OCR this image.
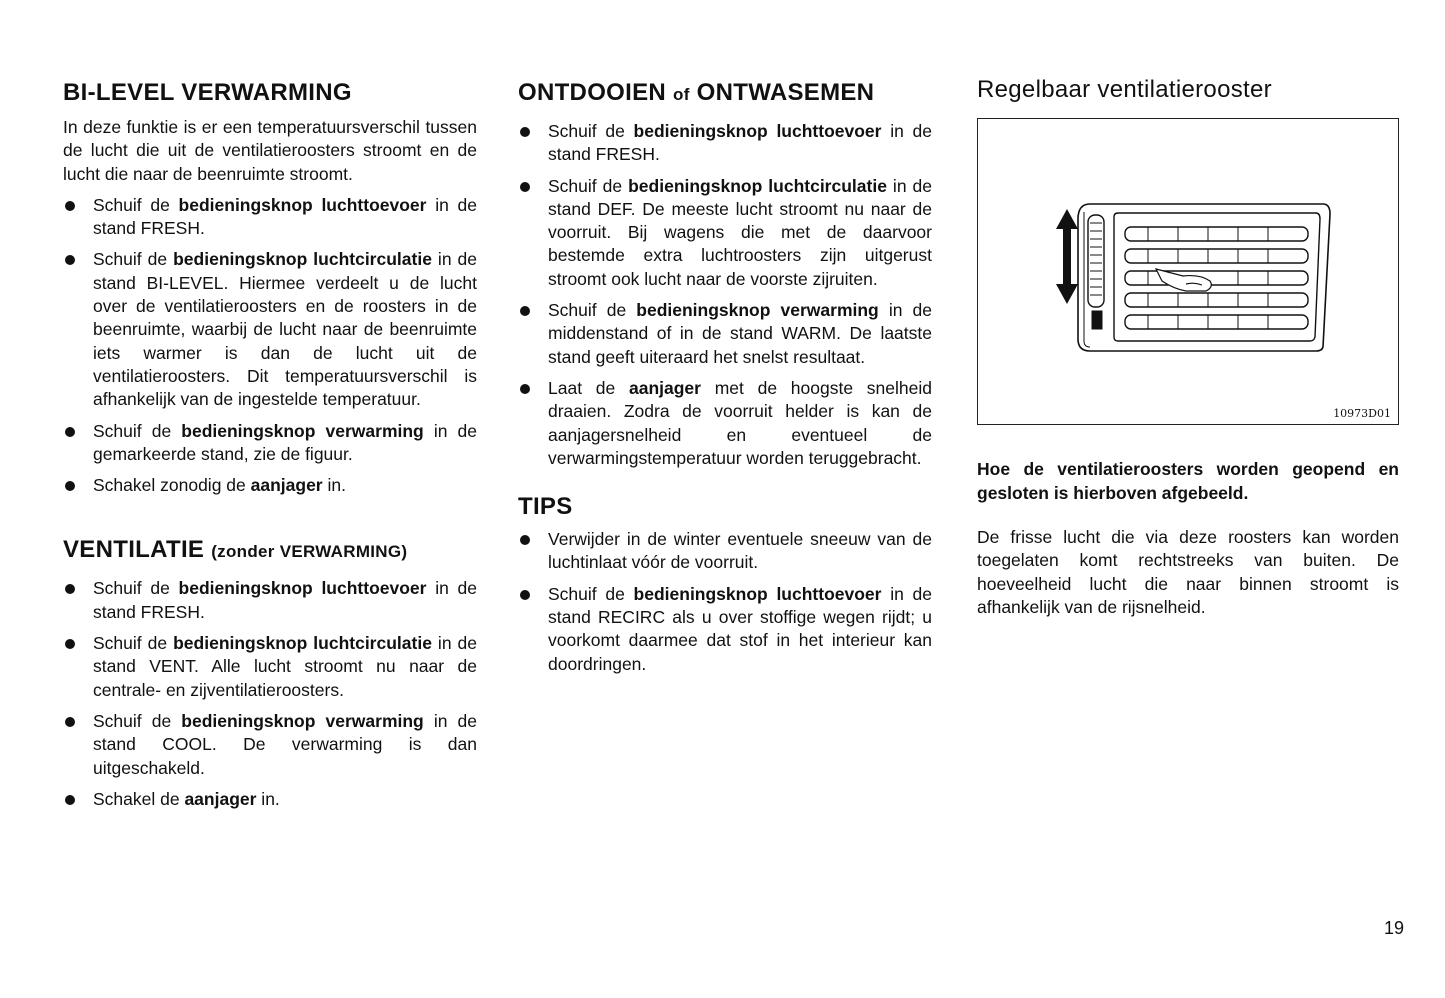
BI-LEVEL VERWARMING

In deze funktie is er een temperatuursverschil tussen de lucht die uit de ventilatieroosters stroomt en de lucht die naar de beenruimte stroomt.

Schuif de bedieningsknop luchttoevoer in de stand FRESH.
Schuif de bedieningsknop luchtcirculatie in de stand BI-LEVEL. Hiermee verdeelt u de lucht over de ventilatieroosters en de roosters in de beenruimte, waarbij de lucht naar de beenruimte iets warmer is dan de lucht uit de ventilatieroosters. Dit temperatuursverschil is afhankelijk van de ingestelde temperatuur.
Schuif de bedieningsknop verwarming in de gemarkeerde stand, zie de figuur.
Schakel zonodig de aanjager in.
VENTILATIE (zonder VERWARMING)
Schuif de bedieningsknop luchttoevoer in de stand FRESH.
Schuif de bedieningsknop luchtcirculatie in de stand VENT. Alle lucht stroomt nu naar de centrale- en zijventilatieroosters.
Schuif de bedieningsknop verwarming in de stand COOL. De verwarming is dan uitgeschakeld.
Schakel de aanjager in.
ONTDOOIEN of ONTWASEMEN
Schuif de bedieningsknop luchttoevoer in de stand FRESH.
Schuif de bedieningsknop luchtcirculatie in de stand DEF. De meeste lucht stroomt nu naar de voorruit. Bij wagens die met de daarvoor bestemde extra luchtroosters zijn uitgerust stroomt ook lucht naar de voorste zijruiten.
Schuif de bedieningsknop verwarming in de middenstand of in de stand WARM. De laatste stand geeft uiteraard het snelst resultaat.
Laat de aanjager met de hoogste snelheid draaien. Zodra de voorruit helder is kan de aanjagersnelheid en eventueel de verwarmingstemperatuur worden teruggebracht.
TIPS
Verwijder in de winter eventuele sneeuw van de luchtinlaat vóór de voorruit.
Schuif de bedieningsknop luchttoevoer in de stand RECIRC als u over stoffige wegen rijdt; u voorkomt daarmee dat stof in het interieur kan doordringen.
Regelbaar ventilatierooster
10973D01

Hoe de ventilatieroosters worden geopend en gesloten is hierboven afgebeeld.

De frisse lucht die via deze roosters kan worden toegelaten komt rechtstreeks van buiten. De hoeveelheid lucht die naar binnen stroomt is afhankelijk van de rijsnelheid.

19
